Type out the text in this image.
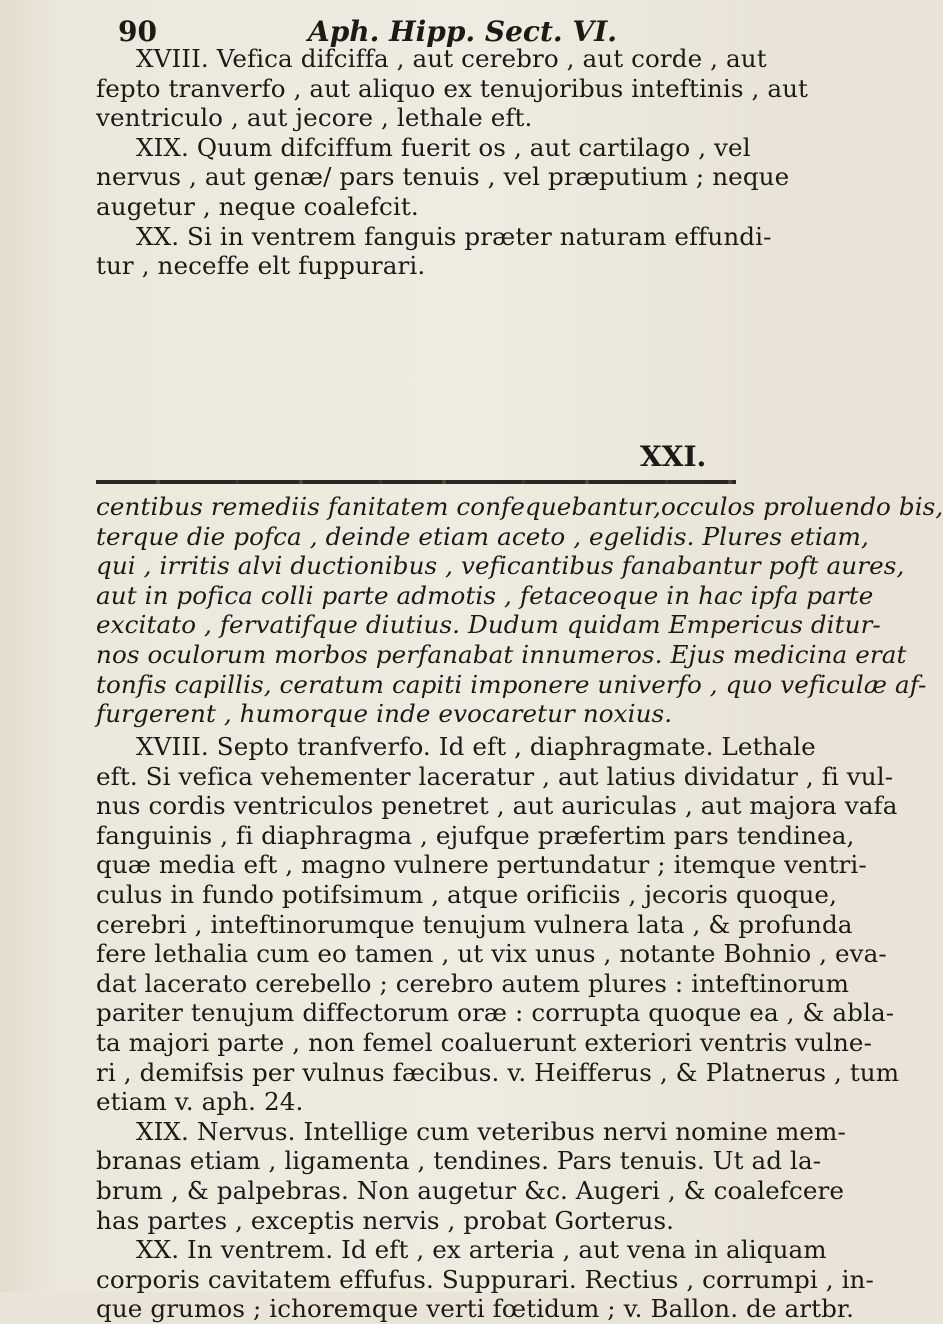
90	Aph. Hipp. Sect. VI.
XVIII. Vefica difciffa , aut cerebro , aut corde , aut
fepto tranverfo , aut aliquo ex tenujoribus inteftinis , aut
ventriculo , aut jecore , lethale eft.
XIX. Quum difciffum fuerit os , aut cartilago , vel
nervus , aut genæ/ pars tenuis , vel præputium ; neque
augetur , neque coalefcit.
XX. Si in ventrem fanguis præter naturam effundi-
tur , neceffe elt fuppurari.
XXI.
centibus remediis fanitatem confequebantur,occulos proluendo bis,
terque die pofca , deinde etiam aceto , egelidis. Plures etiam,
qui , irritis alvi ductionibus , veficantibus fanabantur poft aures,
aut in pofica colli parte admotis , fetaceoque in hac ipfa parte
excitato , fervatifque diutius. Dudum quidam Empericus ditur-
nos oculorum morbos perfanabat innumeros. Ejus medicina erat
tonfis capillis, ceratum capiti imponere univerfo , quo veficulæ af-
furgerent , humorque inde evocaretur noxius.
XVIII. Septo tranfverfo. Id eft , diaphragmate. Lethale
eft. Si vefica vehementer laceratur , aut latius dividatur , fi vul-
nus cordis ventriculos penetret , aut auriculas , aut majora vafa
fanguinis , fi diaphragma , ejufque præfertim pars tendinea,
quæ media eft , magno vulnere pertundatur ; itemque ventri-
culus in fundo potifsimum , atque orificiis , jecoris quoque,
cerebri , inteftinorumque tenujum vulnera lata , & profunda
fere lethalia cum eo tamen , ut vix unus , notante Bohnio , eva-
dat lacerato cerebello ; cerebro autem plures : inteftinorum
pariter tenujum diffectorum oræ : corrupta quoque ea , & abla-
ta majori parte , non femel coaluerunt exteriori ventris vulne-
ri , demifsis per vulnus fæcibus. v. Heifferus , & Platnerus , tum
etiam v. aph. 24.
XIX. Nervus. Intellige cum veteribus nervi nomine mem-
branas etiam , ligamenta , tendines. Pars tenuis. Ut ad la-
brum , & palpebras. Non augetur &c. Augeri , & coalefcere
has partes , exceptis nervis , probat Gorterus.
XX. In ventrem. Id eft , ex arteria , aut vena in aliquam
corporis cavitatem effufus. Suppurari. Rectius , corrumpi , in-
que grumos ; ichoremque verti fœtidum ; v. Ballon. de artbr.
